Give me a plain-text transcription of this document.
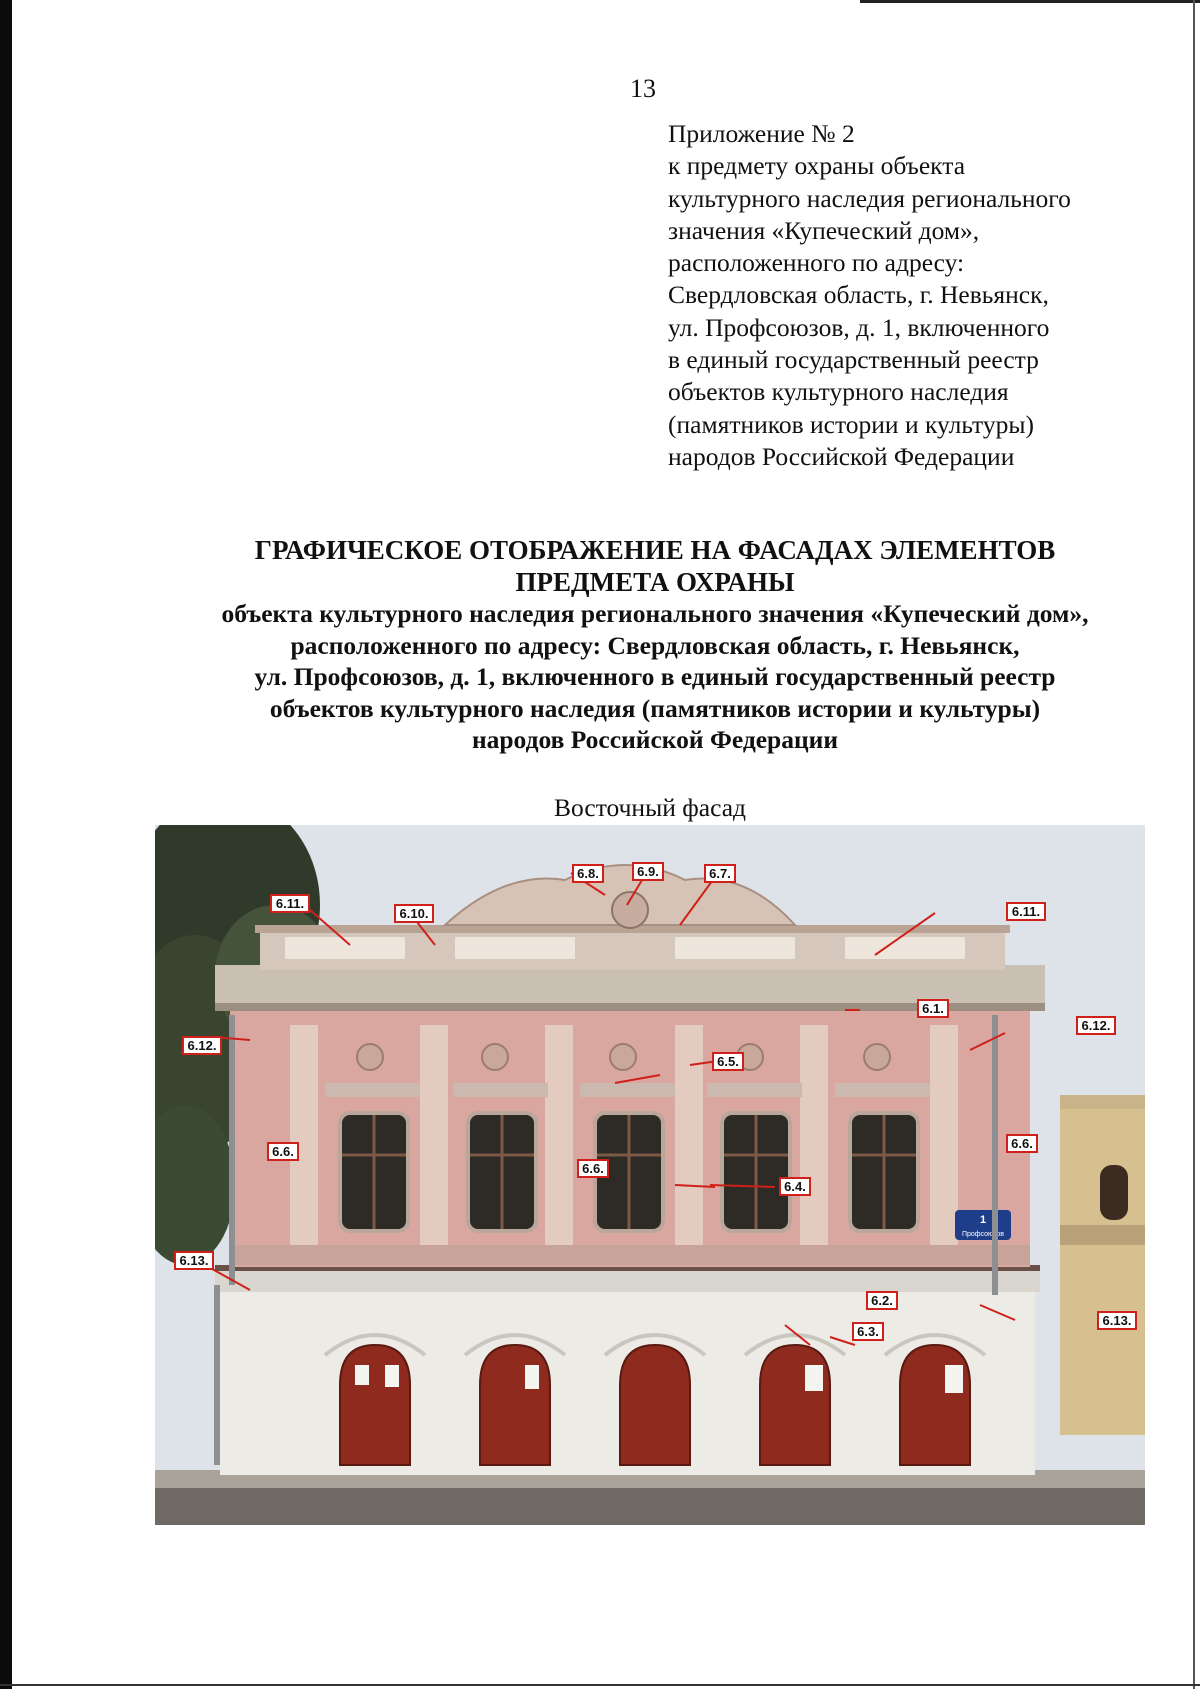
13
Приложение № 2
к предмету охраны объекта
культурного наследия регионального
значения «Купеческий дом»,
расположенного по адресу:
Свердловская область, г. Невьянск,
ул. Профсоюзов, д. 1, включенного
в единый государственный реестр
объектов культурного наследия
(памятников истории и культуры)
народов Российской Федерации
ГРАФИЧЕСКОЕ ОТОБРАЖЕНИЕ НА ФАСАДАХ ЭЛЕМЕНТОВ
ПРЕДМЕТА ОХРАНЫ
объекта культурного наследия регионального значения «Купеческий дом»,
расположенного по адресу: Свердловская область, г. Невьянск,
ул. Профсоюзов, д. 1, включенного в единый государственный реестр
объектов культурного наследия (памятников истории и культуры)
народов Российской Федерации
Восточный фасад
1
Профсоюзов
6.8.	6.9.	6.7.
6.11.
6.10.	6.11.
6.1.
6.12.
6.12.
6.5.
6.6.
6.6.
6.6.
6.4.
6.13.
6.2.
6.3.
6.13.
